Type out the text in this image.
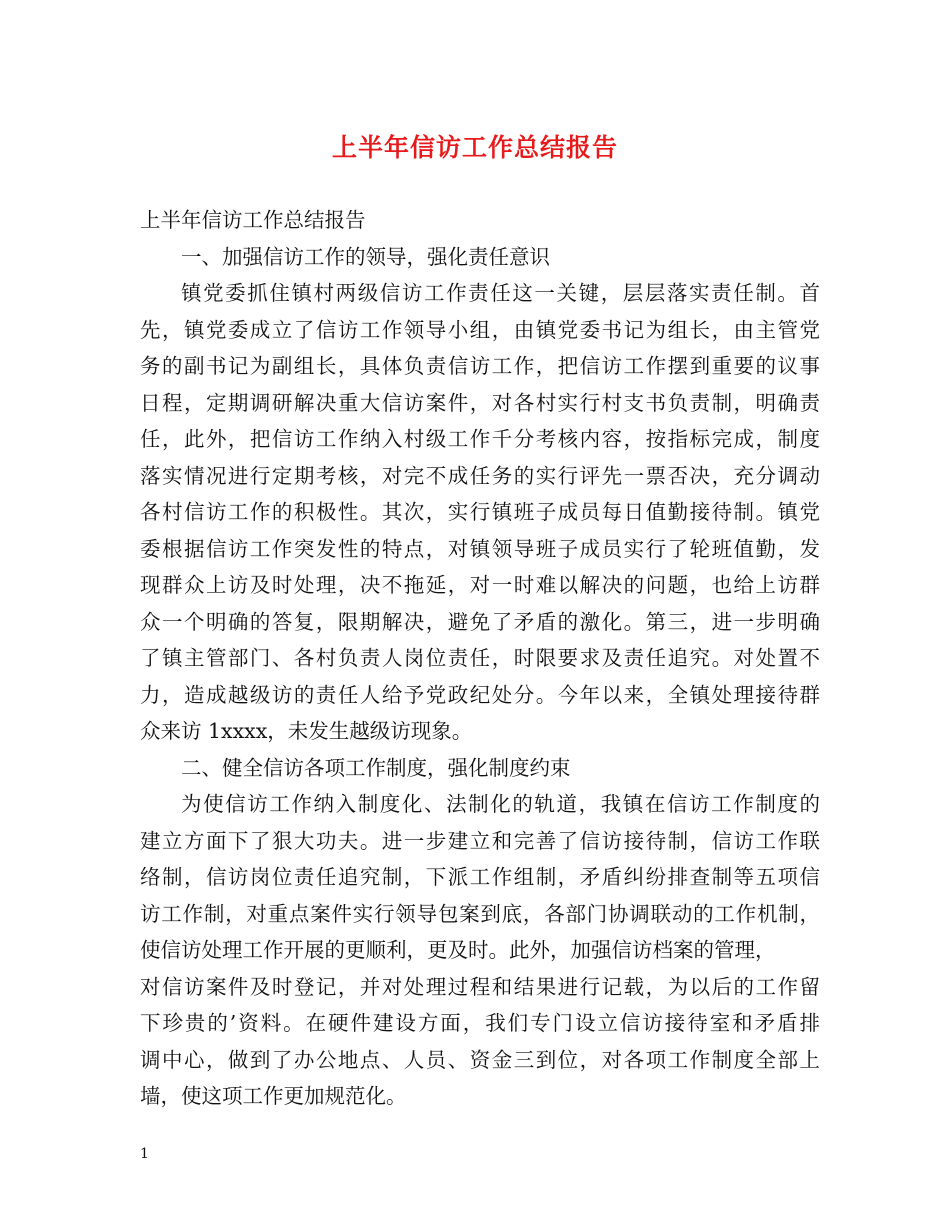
上半年信访工作总结报告

上半年信访工作总结报告

一、加强信访工作的领导，强化责任意识

镇党委抓住镇村两级信访工作责任这一关键，层层落实责任制。首

先，镇党委成立了信访工作领导小组，由镇党委书记为组长，由主管党

务的副书记为副组长，具体负责信访工作，把信访工作摆到重要的议事

日程，定期调研解决重大信访案件，对各村实行村支书负责制，明确责

任，此外，把信访工作纳入村级工作千分考核内容，按指标完成，制度

落实情况进行定期考核，对完不成任务的实行评先一票否决，充分调动

各村信访工作的积极性。其次，实行镇班子成员每日值勤接待制。镇党

委根据信访工作突发性的特点，对镇领导班子成员实行了轮班值勤，发

现群众上访及时处理，决不拖延，对一时难以解决的问题，也给上访群

众一个明确的答复，限期解决，避免了矛盾的激化。第三，进一步明确

了镇主管部门、各村负责人岗位责任，时限要求及责任追究。对处置不

力，造成越级访的责任人给予党政纪处分。今年以来，全镇处理接待群

众来访 1xxxx，未发生越级访现象。

二、健全信访各项工作制度，强化制度约束

为使信访工作纳入制度化、法制化的轨道，我镇在信访工作制度的

建立方面下了狠大功夫。进一步建立和完善了信访接待制，信访工作联

络制，信访岗位责任追究制，下派工作组制，矛盾纠纷排查制等五项信

访工作制，对重点案件实行领导包案到底，各部门协调联动的工作机制，

使信访处理工作开展的更顺利，更及时。此外，加强信访档案的管理，

对信访案件及时登记，并对处理过程和结果进行记载，为以后的工作留

下珍贵的’资料。在硬件建设方面，我们专门设立信访接待室和矛盾排

调中心，做到了办公地点、人员、资金三到位，对各项工作制度全部上

墙，使这项工作更加规范化。

1
